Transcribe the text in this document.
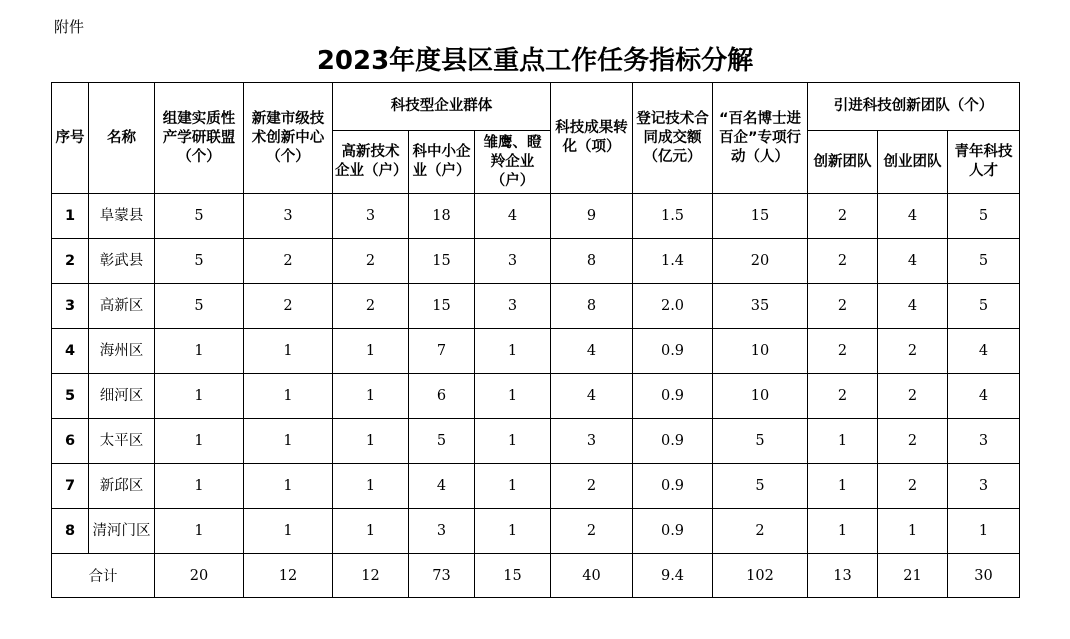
附件
2023年度县区重点工作任务指标分解
序号	名称	组建实质性产学研联盟（个）	新建市级技术创新中心（个）	科技型企业群体			科技成果转化（项）	登记技术合同成交额（亿元）	“百名博士进百企”专项行动（人）	引进科技创新团队（个）		
				高新技术企业（户）	科中小企业（户）	雏鹰、瞪羚企业（户）				创新团队	创业团队	青年科技人才
1	阜蒙县	5	3	3	18	4	9	1.5	15	2	4	5
2	彰武县	5	2	2	15	3	8	1.4	20	2	4	5
3	高新区	5	2	2	15	3	8	2.0	35	2	4	5
4	海州区	1	1	1	7	1	4	0.9	10	2	2	4
5	细河区	1	1	1	6	1	4	0.9	10	2	2	4
6	太平区	1	1	1	5	1	3	0.9	5	1	2	3
7	新邱区	1	1	1	4	1	2	0.9	5	1	2	3
8	清河门区	1	1	1	3	1	2	0.9	2	1	1	1
合计		20	12	12	73	15	40	9.4	102	13	21	30
